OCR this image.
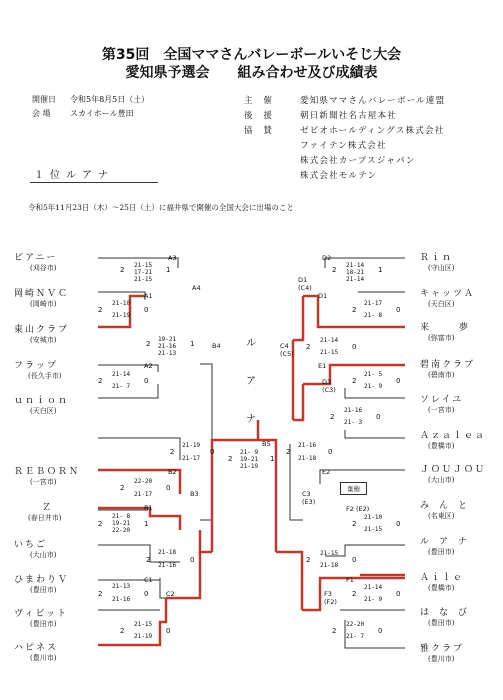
第35回　全国ママさんバレーボールいそじ大会
愛知県予選会　　組み合わせ及び成績表
開催日 令和5年8月5日（土）
会 場 スカイホール豊田
主　催	愛知県ママさんバレーボール連盟
後　援	朝日新聞社名古屋本社
協　賛	ゼビオホールディングス株式会社
ファイテン株式会社
株式会社カーブスジャパン
株式会社モルテン
１位ルアナ
令和5年11月23日（木）～25日（土）に福井県で開催の全国大会に出場のこと
ビアニー
(刈谷市)
岡崎ＮＶＣ
(岡崎市)
東山クラブ
(安城市)
フラップ
(長久手市)
ｕｎｉｏｎ
(天白区)
ＲＥＢＯＲＮ
(一宮市)
Ｚ
(春日井市)
いちご
(大山市)
ひまわりＶ
(豊田市)
ヴィビット
(豊田市)
ハピネス
(豊川市)
Ｒｉｎ
(守山区)
キャッツＡ
(天白区)
来夢
(弥富市)
碧南クラブ
(碧南市)
ソレイユ
(一宮市)
Ａｚａｌｅａ
(豊橋市)
ＪＯＵＪＯＵ
(大山市)
みんと
(名東区)
ルアナ
(豊田市)
Ａｉｌｅ
(豊橋市)
はなび
(豊田市)
雅クラブ
(豊川市)
A3
A1
A4
A2
B4
B2
B1
B3
C1
C2
B5
D2
D1
(C4)
D1
C4
(C5)
E1
D3
(C3)
E2
C3
(E3)
F2 (E2)
F1
F3
(F2)
2
21-15
17-21
21-15
1
2
21-10
21-19
0
2
19-21
21-16
21-13
1
2
21-14
21- 7
0
2
21-19
21-17
0
2
22-20
21-17
0
2
21- 8
19-21
22-20
1
2
21-18
21-16
0
2
21-13
21-16
0
2
21-15
21-19
0
2
21- 9
19-21
21-19
1
2
21-14
18-21
21-14
1
2
21-17
21- 8
0
2
21-14
21-15
0
2
21- 5
21- 9
0
2
21-16
21- 3
0
2
21-16
21-18
0
棄権
2
21-10
21-15
0
2
21-15
21-18
0
2
21-14
21- 9
0
2
22-20
21- 7
0
ル
ア
ナ
